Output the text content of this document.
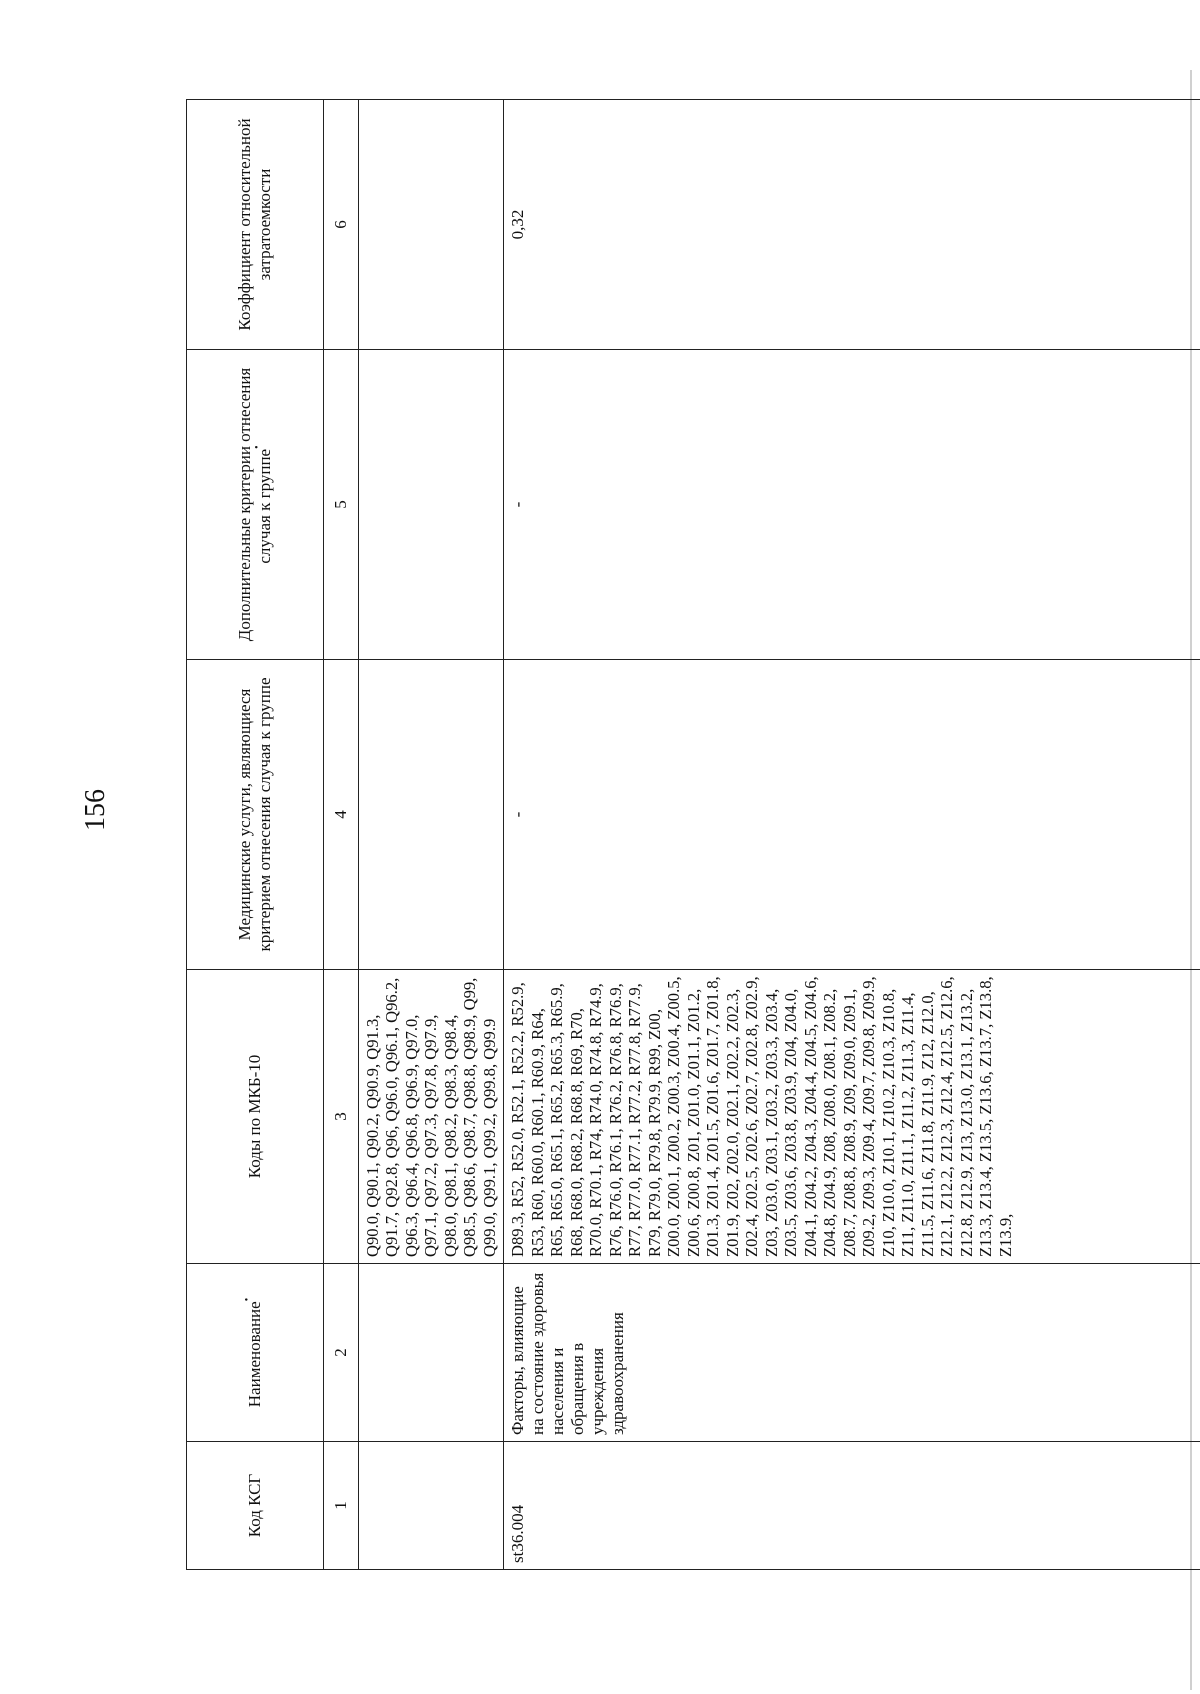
156
Код КСГ	Наименование•	Коды по МКБ-10	Медицинские услуги, являющиеся критерием отнесения случая к группе	Дополнительные критерии отнесения случая к группе•	Коэффициент относительной затратоемкости
1	2	3	4	5	6
		Q90.0, Q90.1, Q90.2, Q90.9, Q91.3, Q91.7, Q92.8, Q96, Q96.0, Q96.1, Q96.2, Q96.3, Q96.4, Q96.8, Q96.9, Q97.0, Q97.1, Q97.2, Q97.3, Q97.8, Q97.9, Q98.0, Q98.1, Q98.2, Q98.3, Q98.4, Q98.5, Q98.6, Q98.7, Q98.8, Q98.9, Q99, Q99.0, Q99.1, Q99.2, Q99.8, Q99.9			
st36.004	Факторы, влияющие на состояние здоровья населения и обращения в учреждения здравоохранения	D89.3, R52, R52.0, R52.1, R52.2, R52.9, R53, R60, R60.0, R60.1, R60.9, R64, R65, R65.0, R65.1, R65.2, R65.3, R65.9, R68, R68.0, R68.2, R68.8, R69, R70, R70.0, R70.1, R74, R74.0, R74.8, R74.9, R76, R76.0, R76.1, R76.2, R76.8, R76.9, R77, R77.0, R77.1, R77.2, R77.8, R77.9, R79, R79.0, R79.8, R79.9, R99, Z00, Z00.0, Z00.1, Z00.2, Z00.3, Z00.4, Z00.5, Z00.6, Z00.8, Z01, Z01.0, Z01.1, Z01.2, Z01.3, Z01.4, Z01.5, Z01.6, Z01.7, Z01.8, Z01.9, Z02, Z02.0, Z02.1, Z02.2, Z02.3, Z02.4, Z02.5, Z02.6, Z02.7, Z02.8, Z02.9, Z03, Z03.0, Z03.1, Z03.2, Z03.3, Z03.4, Z03.5, Z03.6, Z03.8, Z03.9, Z04, Z04.0, Z04.1, Z04.2, Z04.3, Z04.4, Z04.5, Z04.6, Z04.8, Z04.9, Z08, Z08.0, Z08.1, Z08.2, Z08.7, Z08.8, Z08.9, Z09, Z09.0, Z09.1, Z09.2, Z09.3, Z09.4, Z09.7, Z09.8, Z09.9, Z10, Z10.0, Z10.1, Z10.2, Z10.3, Z10.8, Z11, Z11.0, Z11.1, Z11.2, Z11.3, Z11.4, Z11.5, Z11.6, Z11.8, Z11.9, Z12, Z12.0, Z12.1, Z12.2, Z12.3, Z12.4, Z12.5, Z12.6, Z12.8, Z12.9, Z13, Z13.0, Z13.1, Z13.2, Z13.3, Z13.4, Z13.5, Z13.6, Z13.7, Z13.8, Z13.9,	-	-	0,32
